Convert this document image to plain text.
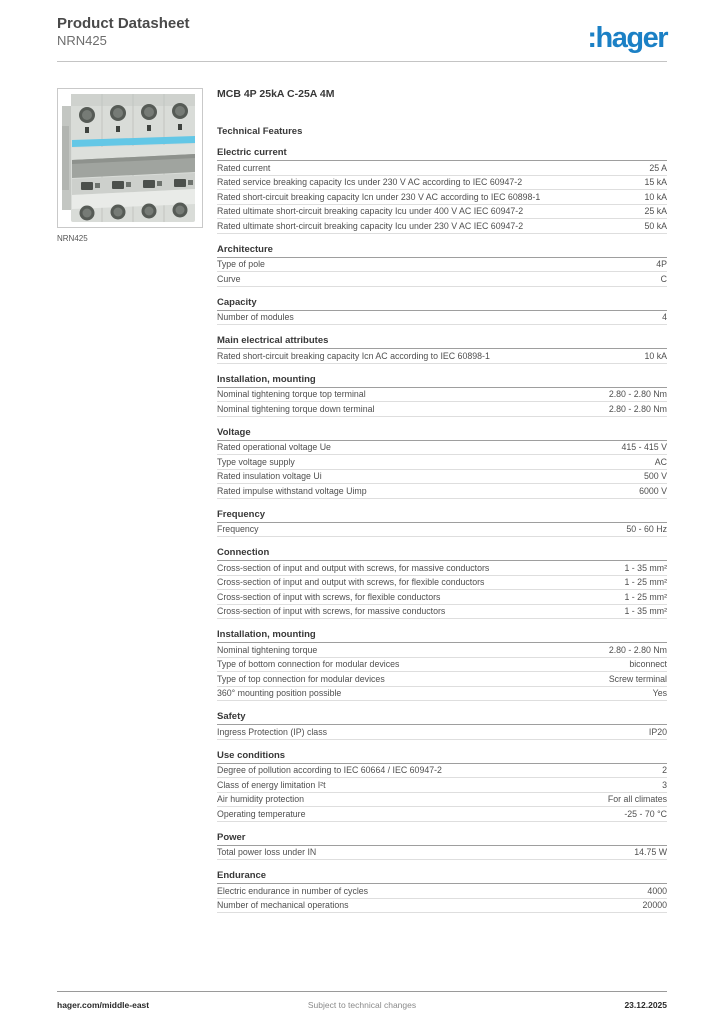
Product Datasheet
NRN425	:hager
NRN425
MCB 4P 25kA C-25A 4M
Technical Features
Electric current
Rated current	25 A
Rated service breaking capacity Ics under 230 V AC according to IEC 60947-2	15 kA
Rated short-circuit breaking capacity Icn under 230 V AC according to IEC 60898-1	10 kA
Rated ultimate short-circuit breaking capacity Icu under 400 V AC IEC 60947-2	25 kA
Rated ultimate short-circuit breaking capacity Icu under 230 V AC IEC 60947-2	50 kA
Architecture
Type of pole	4P
Curve	C
Capacity
Number of modules	4
Main electrical attributes
Rated short-circuit breaking capacity Icn AC according to IEC 60898-1	10 kA
Installation, mounting
Nominal tightening torque top terminal	2.80 - 2.80 Nm
Nominal tightening torque down terminal	2.80 - 2.80 Nm
Voltage
Rated operational voltage Ue	415 - 415 V
Type voltage supply	AC
Rated insulation voltage Ui	500 V
Rated impulse withstand voltage Uimp	6000 V
Frequency
Frequency	50 - 60 Hz
Connection
Cross-section of input and output with screws, for massive conductors	1 - 35 mm²
Cross-section of input and output with screws, for flexible conductors	1 - 25 mm²
Cross-section of input with screws, for flexible conductors	1 - 25 mm²
Cross-section of input with screws, for massive conductors	1 - 35 mm²
Installation, mounting
Nominal tightening torque	2.80 - 2.80 Nm
Type of bottom connection for modular devices	biconnect
Type of top connection for modular devices	Screw terminal
360° mounting position possible	Yes
Safety
Ingress Protection (IP) class	IP20
Use conditions
Degree of pollution according to IEC 60664 / IEC 60947-2	2
Class of energy limitation I²t	3
Air humidity protection	For all climates
Operating temperature	-25 - 70 °C
Power
Total power loss under IN	14.75 W
Endurance
Electric endurance in number of cycles	4000
Number of mechanical operations	20000
hager.com/middle-east	Subject to technical changes	23.12.2025
